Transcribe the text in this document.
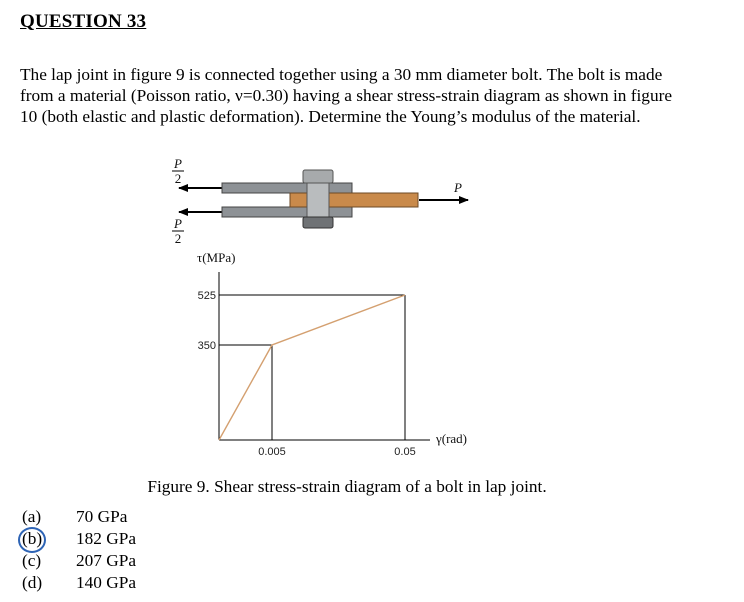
QUESTION 33
The lap joint in figure 9 is connected together using a 30 mm diameter bolt. The bolt is made
from a material (Poisson ratio, ν=0.30) having a shear stress-strain diagram as shown in figure
10 (both elastic and plastic deformation). Determine the Young’s modulus of the material.
P
2
P
2
P
τ(MPa)
γ(rad)
350
525
0.005	0.05
Figure 9. Shear stress-strain diagram of a bolt in lap joint.
(a) 70 GPa
(b) 182 GPa
(c) 207 GPa
(d) 140 GPa
